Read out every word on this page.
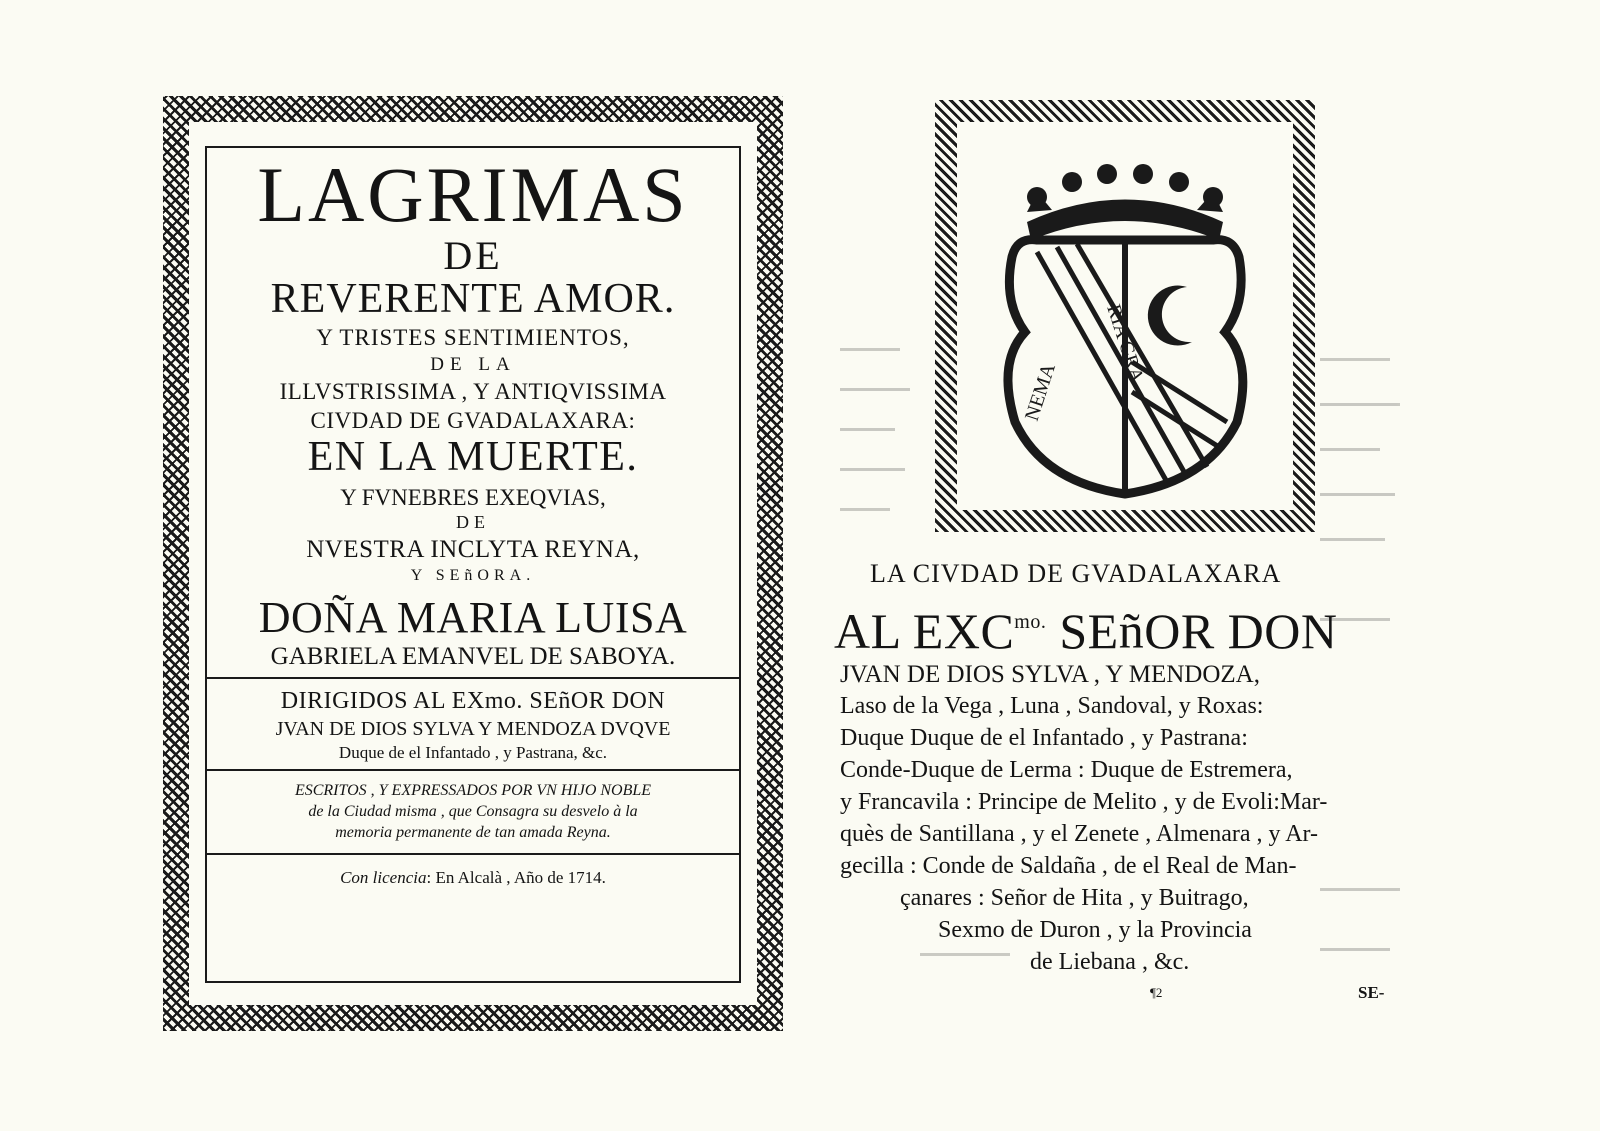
LAGRIMAS
DE
REVERENTE AMOR.
Y TRISTES SENTIMIENTOS,
DE LA
ILLVSTRISSIMA , Y ANTIQVISSIMA
CIVDAD DE GVADALAXARA:
EN LA MUERTE.
Y FVNEBRES EXEQVIAS,
DE
NVESTRA INCLYTA REYNA,
Y SEñORA.
DOÑA MARIA LUISA
GABRIELA EMANVEL DE SABOYA.
DIRIGIDOS AL EXmo. SEñOR DON
JVAN DE DIOS SYLVA Y MENDOZA DVQVE
Duque de el Infantado , y Pastrana, &c.
ESCRITOS , Y EXPRESSADOS POR VN HIJO NOBLE
de la Ciudad misma , que Consagra su desvelo à la
memoria permanente de tan amada Reyna.
Con licencia: En Alcalà , Año de 1714.
NEMA
RIA GRA
LA CIVDAD DE GVADALAXARA
AL $EXC^{mo.}$ SEñOR DON
JVAN DE DIOS SYLVA , Y MENDOZA,
Laso de la Vega , Luna , Sandoval, y Roxas:
Duque Duque de el Infantado , y Pastrana:
Conde-Duque de Lerma : Duque de Estremera,
y Francavila : Principe de Melito , y de Evoli:Mar-
quès de Santillana , y el Zenete , Almenara , y Ar-
gecilla : Conde de Saldaña , de el Real de Man-
çanares : Señor de Hita , y Buitrago,
Sexmo de Duron , y la Provincia
de Liebana , &c.
¶2	SE-
